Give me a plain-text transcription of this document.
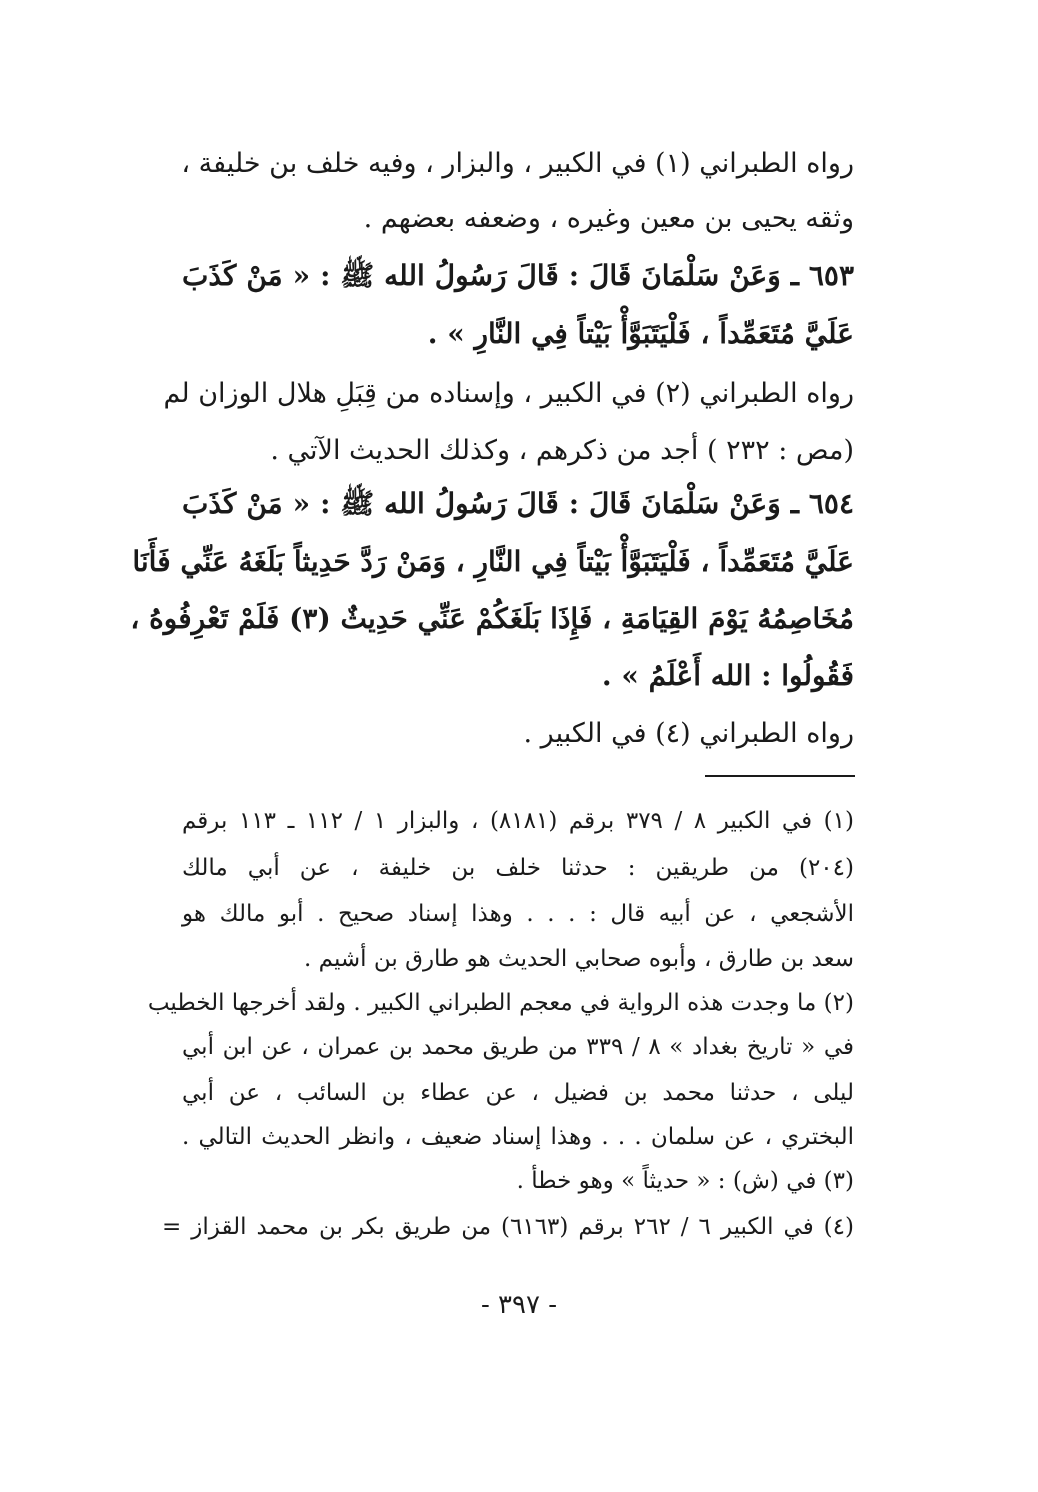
رواه الطبراني (١) في الكبير ، والبزار ، وفيه خلف بن خليفة ،
وثقه يحيى بن معين وغيره ، وضعفه بعضهم .
٦٥٣ ـ وَعَنْ سَلْمَانَ قَالَ : قَالَ رَسُولُ الله ﷺ : « مَنْ كَذَبَ
عَلَيَّ مُتَعَمِّداً ، فَلْيَتَبَوَّأْ بَيْتاً فِي النَّارِ » .
رواه الطبراني (٢) في الكبير ، وإسناده من قِبَلِ هلال الوزان لم
(مص : ٢٣٢ ) أجد من ذكرهم ، وكذلك الحديث الآتي .
٦٥٤ ـ وَعَنْ سَلْمَانَ قَالَ : قَالَ رَسُولُ الله ﷺ : « مَنْ كَذَبَ
عَلَيَّ مُتَعَمِّداً ، فَلْيَتَبَوَّأْ بَيْتاً فِي النَّارِ ، وَمَنْ رَدَّ حَدِيثاً بَلَغَهُ عَنِّي فَأَنَا
مُخَاصِمُهُ يَوْمَ القِيَامَةِ ، فَإِذَا بَلَغَكُمْ عَنِّي حَدِيثٌ (٣) فَلَمْ تَعْرِفُوهُ ،
فَقُولُوا : الله أَعْلَمُ » .
رواه الطبراني (٤) في الكبير .
(١) في الكبير ٨ / ٣٧٩ برقم (٨١٨١) ، والبزار ١ / ١١٢ ـ ١١٣ برقم
(٢٠٤) من طريقين : حدثنا خلف بن خليفة ، عن أبي مالك
الأشجعي ، عن أبيه قال : . . . وهذا إسناد صحيح . أبو مالك هو
سعد بن طارق ، وأبوه صحابي الحديث هو طارق بن أشيم .
(٢) ما وجدت هذه الرواية في معجم الطبراني الكبير . ولقد أخرجها الخطيب
في « تاريخ بغداد » ٨ / ٣٣٩ من طريق محمد بن عمران ، عن ابن أبي
ليلى ، حدثنا محمد بن فضيل ، عن عطاء بن السائب ، عن أبي
البختري ، عن سلمان . . . وهذا إسناد ضعيف ، وانظر الحديث التالي .
(٣) في (ش) : « حديثاً » وهو خطأ .
(٤) في الكبير ٦ / ٢٦٢ برقم (٦١٦٣) من طريق بكر بن محمد القزاز =
- ٣٩٧ -
